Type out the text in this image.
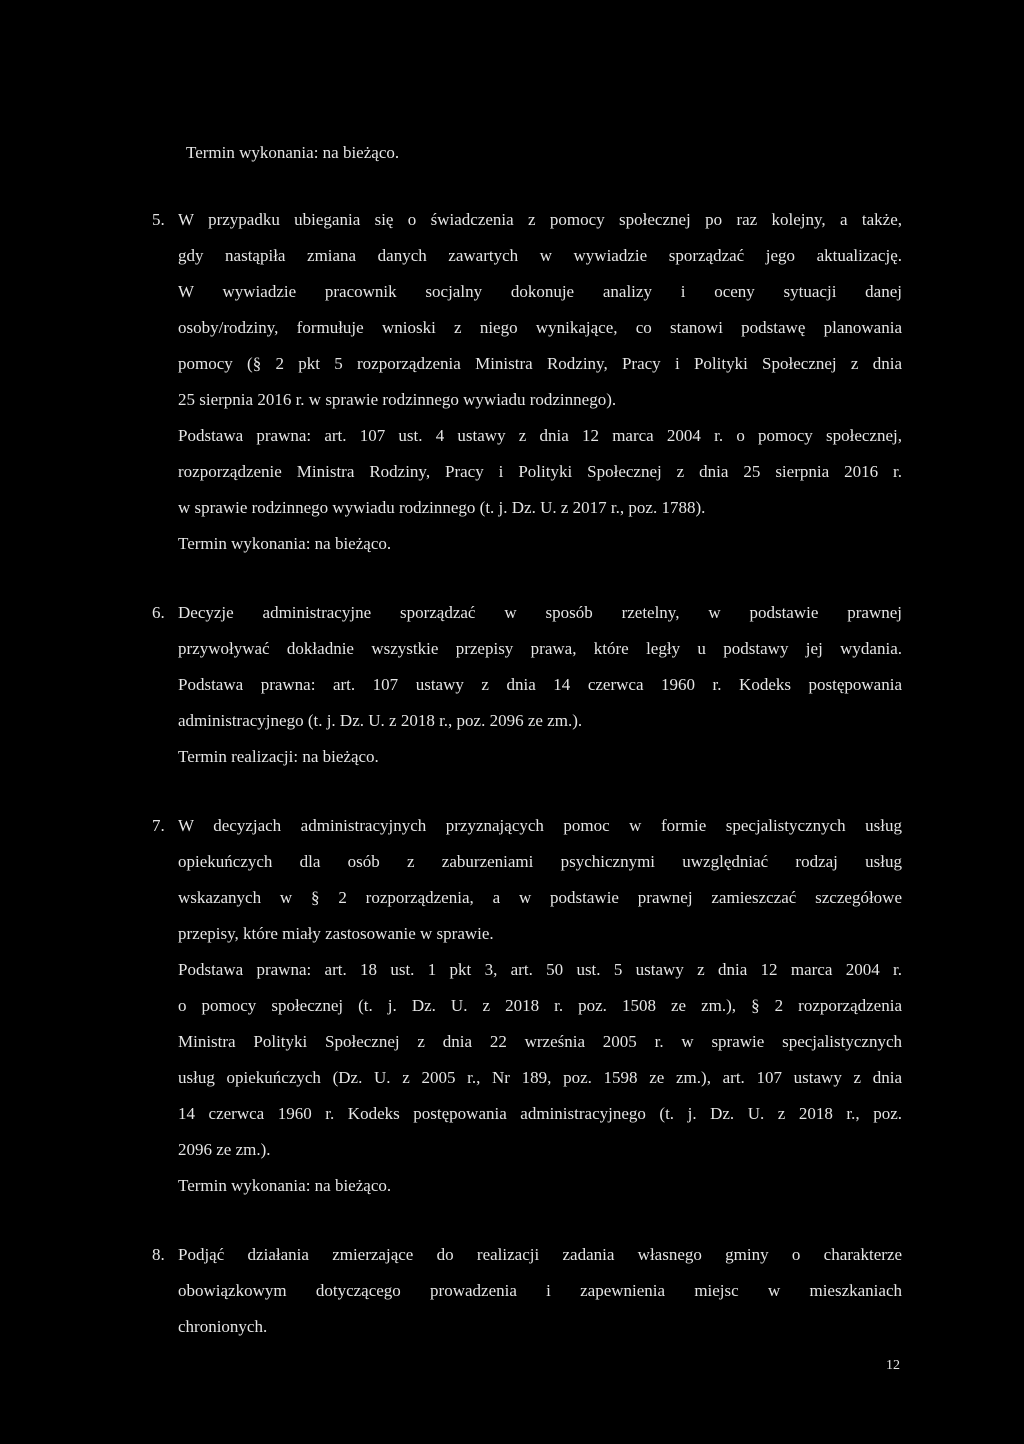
Termin wykonania: na bieżąco.
5. W przypadku ubiegania się o świadczenia z pomocy społecznej po raz kolejny, a także,
gdy nastąpiła zmiana danych zawartych w wywiadzie sporządzać jego aktualizację.
W wywiadzie pracownik socjalny dokonuje analizy i oceny sytuacji danej
osoby/rodziny, formułuje wnioski z niego wynikające, co stanowi podstawę planowania
pomocy (§ 2 pkt 5 rozporządzenia Ministra Rodziny, Pracy i Polityki Społecznej z dnia
25 sierpnia 2016 r. w sprawie rodzinnego wywiadu rodzinnego).
Podstawa prawna: art. 107 ust. 4 ustawy z dnia 12 marca 2004 r. o pomocy społecznej,
rozporządzenie Ministra Rodziny, Pracy i Polityki Społecznej z dnia 25 sierpnia 2016 r.
w sprawie rodzinnego wywiadu rodzinnego (t. j. Dz. U. z 2017 r., poz. 1788).
Termin wykonania: na bieżąco.
6. Decyzje administracyjne sporządzać w sposób rzetelny, w podstawie prawnej
przywoływać dokładnie wszystkie przepisy prawa, które legły u podstawy jej wydania.
Podstawa prawna: art. 107 ustawy z dnia 14 czerwca 1960 r. Kodeks postępowania
administracyjnego (t. j. Dz. U. z 2018 r., poz. 2096 ze zm.).
Termin realizacji: na bieżąco.
7. W decyzjach administracyjnych przyznających pomoc w formie specjalistycznych usług
opiekuńczych dla osób z zaburzeniami psychicznymi uwzględniać rodzaj usług
wskazanych w § 2 rozporządzenia, a w podstawie prawnej zamieszczać szczegółowe
przepisy, które miały zastosowanie w sprawie.
Podstawa prawna: art. 18 ust. 1 pkt 3, art. 50 ust. 5 ustawy z dnia 12 marca 2004 r.
o pomocy społecznej (t. j. Dz. U. z 2018 r. poz. 1508 ze zm.), § 2 rozporządzenia
Ministra Polityki Społecznej z dnia 22 września 2005 r. w sprawie specjalistycznych
usług opiekuńczych (Dz. U. z 2005 r., Nr 189, poz. 1598 ze zm.), art. 107 ustawy z dnia
14 czerwca 1960 r. Kodeks postępowania administracyjnego (t. j. Dz. U. z 2018 r., poz.
2096 ze zm.).
Termin wykonania: na bieżąco.
8. Podjąć działania zmierzające do realizacji zadania własnego gminy o charakterze
obowiązkowym dotyczącego prowadzenia i zapewnienia miejsc w mieszkaniach
chronionych.
12
